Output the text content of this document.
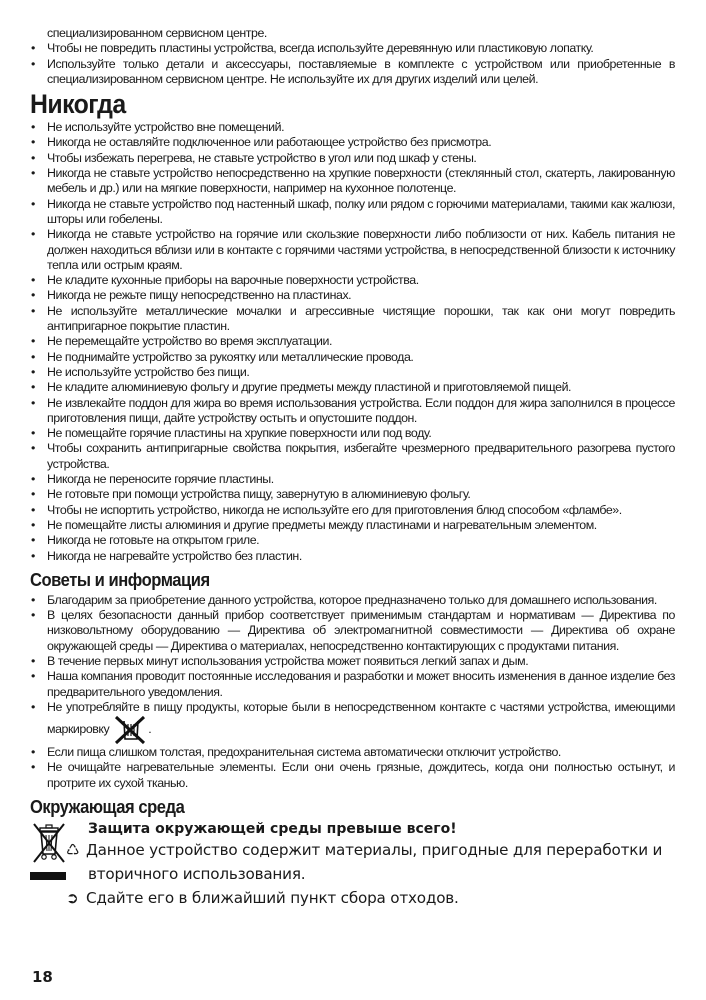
специализированном сервисном центре.
• Чтобы не повредить пластины устройства, всегда используйте деревянную или пластиковую лопатку.
• Используйте только детали и аксессуары, поставляемые в комплекте с устройством или приобретенные в специализированном сервисном центре. Не используйте их для других изделий или целей.
Никогда
• Не используйте устройство вне помещений.
• Никогда не оставляйте подключенное или работающее устройство без присмотра.
• Чтобы избежать перегрева, не ставьте устройство в угол или под шкаф у стены.
• Никогда не ставьте устройство непосредственно на хрупкие поверхности (стеклянный стол, скатерть, лакированную мебель и др.) или на мягкие поверхности, например на кухонное полотенце.
• Никогда не ставьте устройство под настенный шкаф, полку или рядом с горючими материалами, такими как жалюзи, шторы или гобелены.
• Никогда не ставьте устройство на горячие или скользкие поверхности либо поблизости от них. Кабель питания не должен находиться вблизи или в контакте с горячими частями устройства, в непосредственной близости к источнику тепла или острым краям.
• Не кладите кухонные приборы на варочные поверхности устройства.
• Никогда не режьте пищу непосредственно на пластинах.
• Не используйте металлические мочалки и агрессивные чистящие порошки, так как они могут повредить антипригарное покрытие пластин.
• Не перемещайте устройство во время эксплуатации.
• Не поднимайте устройство за рукоятку или металлические провода.
• Не используйте устройство без пищи.
• Не кладите алюминиевую фольгу и другие предметы между пластиной и приготовляемой пищей.
• Не извлекайте поддон для жира во время использования устройства. Если поддон для жира заполнился в процессе приготовления пищи, дайте устройству остыть и опустошите поддон.
• Не помещайте горячие пластины на хрупкие поверхности или под воду.
• Чтобы сохранить антипригарные свойства покрытия, избегайте чрезмерного предварительного разогрева пустого устройства.
• Никогда не переносите горячие пластины.
• Не готовьте при помощи устройства пищу, завернутую в алюминиевую фольгу.
• Чтобы не испортить устройство, никогда не используйте его для приготовления блюд способом «фламбе».
• Не помещайте листы алюминия и другие предметы между пластинами и нагревательным элементом.
• Никогда не готовьте на открытом гриле.
• Никогда не нагревайте устройство без пластин.
Советы и информация
• Благодарим за приобретение данного устройства, которое предназначено только для домашнего использования.
• В целях безопасности данный прибор соответствует применимым стандартам и нормативам — Директива по низковольтному оборудованию — Директива об электромагнитной совместимости — Директива об охране окружающей среды — Директива о материалах, непосредственно контактирующих с продуктами питания.
• В течение первых минут использования устройства может появиться легкий запах и дым.
• Наша компания проводит постоянные исследования и разработки и может вносить изменения в данное изделие без предварительного уведомления.
• Не употребляйте в пищу продукты, которые были в непосредственном контакте с частями устройства, имеющими маркировку	.
• Если пища слишком толстая, предохранительная система автоматически отключит устройство.
• Не очищайте нагревательные элементы. Если они очень грязные, дождитесь, когда они полностью остынут, и протрите их сухой тканью.
Окружающая среда
Защита окружающей среды превыше всего!
♺ Данное устройство содержит материалы, пригодные для переработки и вторичного использования.
➲ Сдайте его в ближайший пункт сбора отходов.
18
